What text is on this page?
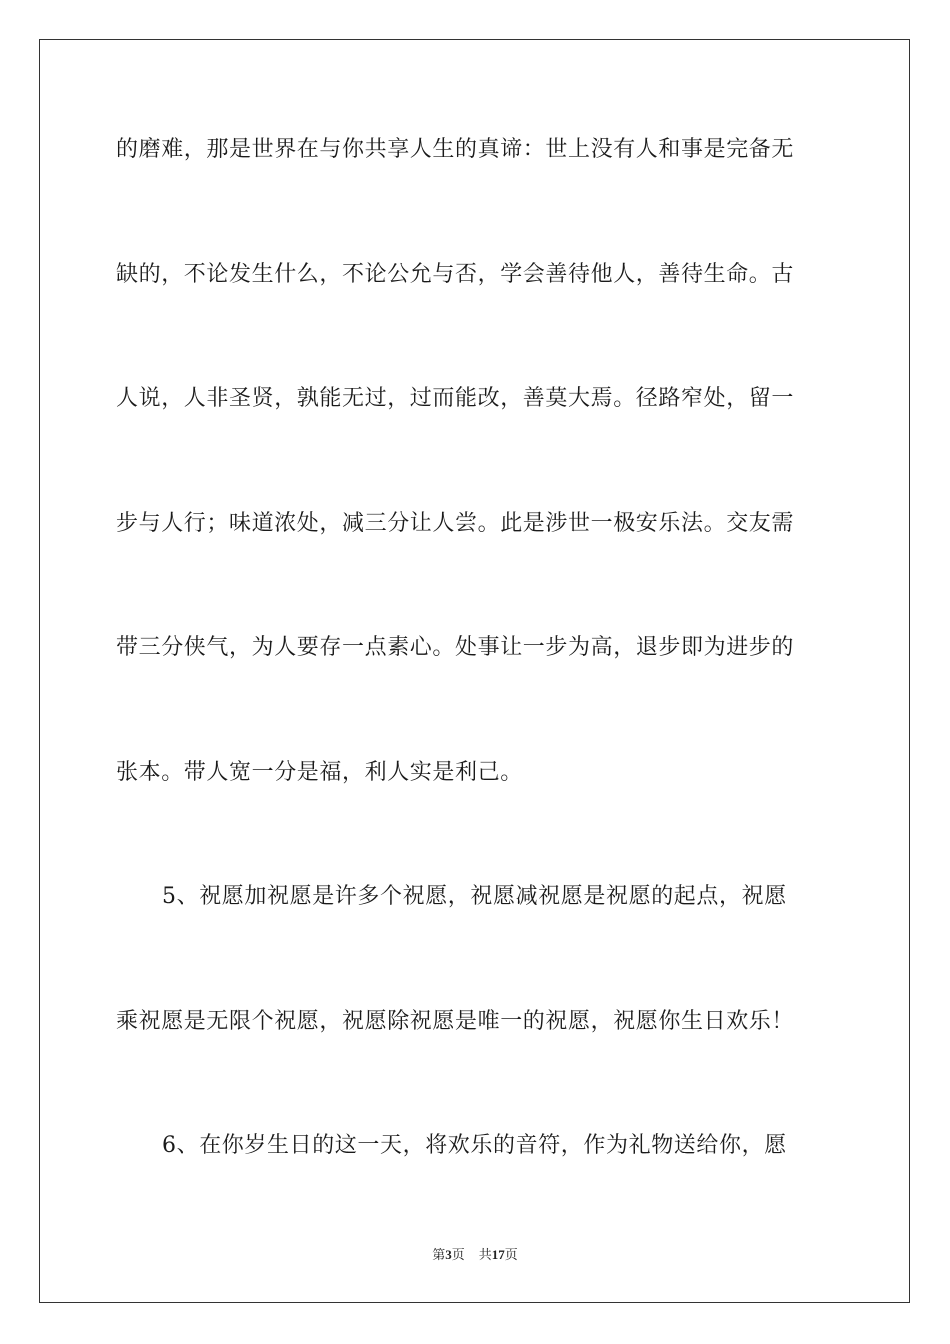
的磨难，那是世界在与你共享人生的真谛：世上没有人和事是完备无
缺的，不论发生什么，不论公允与否，学会善待他人，善待生命。古
人说，人非圣贤，孰能无过，过而能改，善莫大焉。径路窄处，留一
步与人行；味道浓处，减三分让人尝。此是涉世一极安乐法。交友需
带三分侠气，为人要存一点素心。处事让一步为高，退步即为进步的
张本。带人宽一分是福，利人实是利己。
5、祝愿加祝愿是许多个祝愿，祝愿减祝愿是祝愿的起点，祝愿
乘祝愿是无限个祝愿，祝愿除祝愿是唯一的祝愿，祝愿你生日欢乐！
6、在你岁生日的这一天，将欢乐的音符，作为礼物送给你，愿
第3页 共17页
